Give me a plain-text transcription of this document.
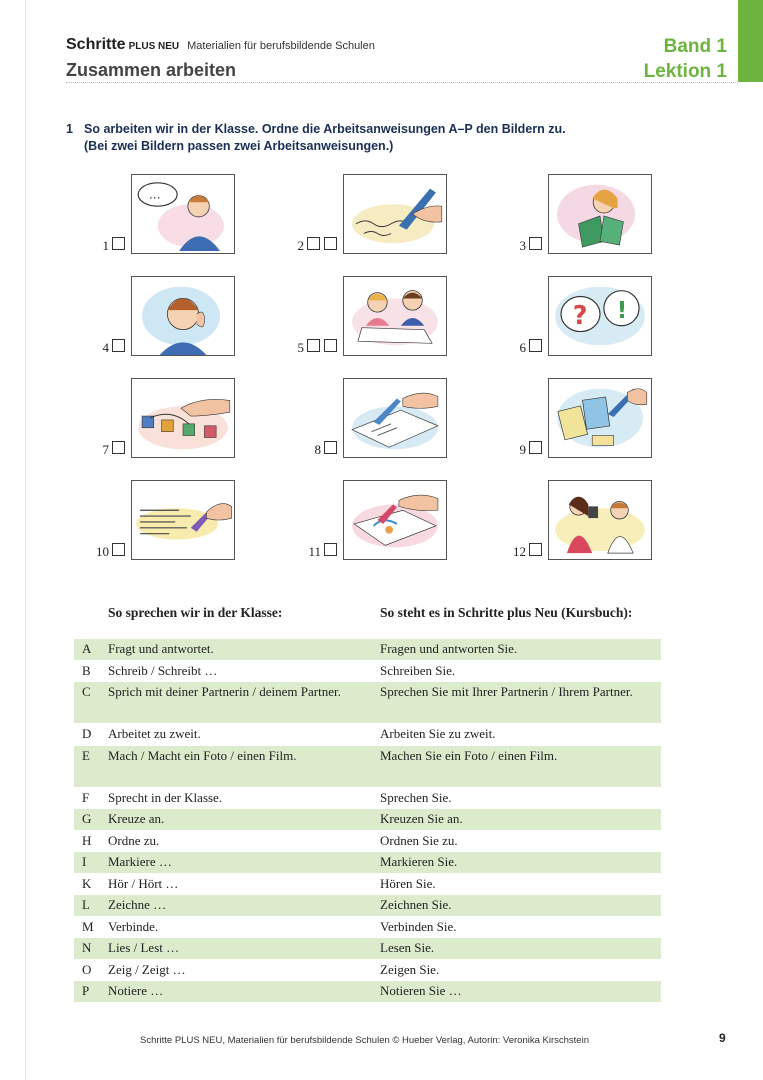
Schritte PLUS NEU Materialien für berufsbildende Schulen
Zusammen arbeiten
Band 1
Lektion 1
1 So arbeiten wir in der Klasse. Ordne die Arbeitsanweisungen A–P den Bildern zu.
(Bei zwei Bildern passen zwei Arbeitsanweisungen.)
…
1	2	3
4	5
? !
6
7	8	9
10	11	12
So sprechen wir in der Klasse:	So steht es in Schritte plus Neu (Kursbuch):
A Fragt und antwortet.	Fragen und antworten Sie.
B Schreib / Schreibt …	Schreiben Sie.
C Sprich mit deiner Partnerin / deinem Partner.	Sprechen Sie mit Ihrer Partnerin / Ihrem Partner.
D Arbeitet zu zweit.	Arbeiten Sie zu zweit.
E Mach / Macht ein Foto / einen Film.	Machen Sie ein Foto / einen Film.
F Sprecht in der Klasse.	Sprechen Sie.
G Kreuze an.	Kreuzen Sie an.
H Ordne zu.	Ordnen Sie zu.
I Markiere …	Markieren Sie.
K Hör / Hört …	Hören Sie.
L Zeichne …	Zeichnen Sie.
M Verbinde.	Verbinden Sie.
N Lies / Lest …	Lesen Sie.
O Zeig / Zeigt …	Zeigen Sie.
P Notiere …	Notieren Sie …
Schritte PLUS NEU, Materialien für berufsbildende Schulen © Hueber Verlag, Autorin: Veronika Kirschstein	9
